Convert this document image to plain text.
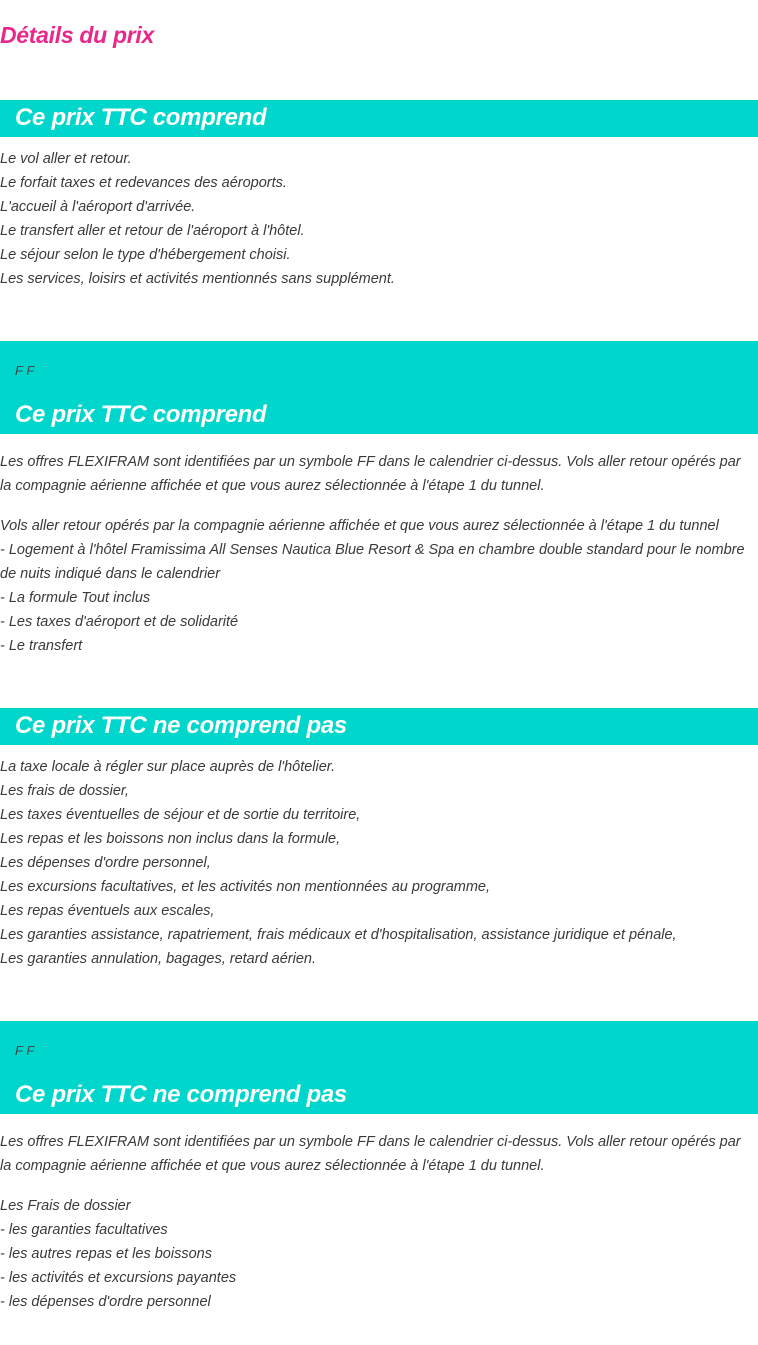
Détails du prix
Ce prix TTC comprend

Le vol aller et retour.

Le forfait taxes et redevances des aéroports.

L'accueil à l'aéroport d'arrivée.

Le transfert aller et retour de l'aéroport à l'hôtel.

Le séjour selon le type d'hébergement choisi.

Les services, loisirs et activités mentionnés sans supplément.

F F
Ce prix TTC comprend

Les offres FLEXIFRAM sont identifiées par un symbole FF dans le calendrier ci-dessus. Vols aller retour opérés par la compagnie aérienne affichée et que vous aurez sélectionnée à l'étape 1 du tunnel.

Vols aller retour opérés par la compagnie aérienne affichée et que vous aurez sélectionnée à l'étape 1 du tunnel

- Logement à l'hôtel Framissima All Senses Nautica Blue Resort & Spa en chambre double standard pour le nombre de nuits indiqué dans le calendrier

- La formule Tout inclus

- Les taxes d'aéroport et de solidarité

- Le transfert

Ce prix TTC ne comprend pas

La taxe locale à régler sur place auprès de l'hôtelier.

Les frais de dossier,

Les taxes éventuelles de séjour et de sortie du territoire,

Les repas et les boissons non inclus dans la formule,

Les dépenses d'ordre personnel,

Les excursions facultatives, et les activités non mentionnées au programme,

Les repas éventuels aux escales,

Les garanties assistance, rapatriement, frais médicaux et d'hospitalisation, assistance juridique et pénale,

Les garanties annulation, bagages, retard aérien.

F F
Ce prix TTC ne comprend pas

Les offres FLEXIFRAM sont identifiées par un symbole FF dans le calendrier ci-dessus. Vols aller retour opérés par la compagnie aérienne affichée et que vous aurez sélectionnée à l'étape 1 du tunnel.

Les Frais de dossier

- les garanties facultatives

- les autres repas et les boissons

- les activités et excursions payantes

- les dépenses d'ordre personnel
